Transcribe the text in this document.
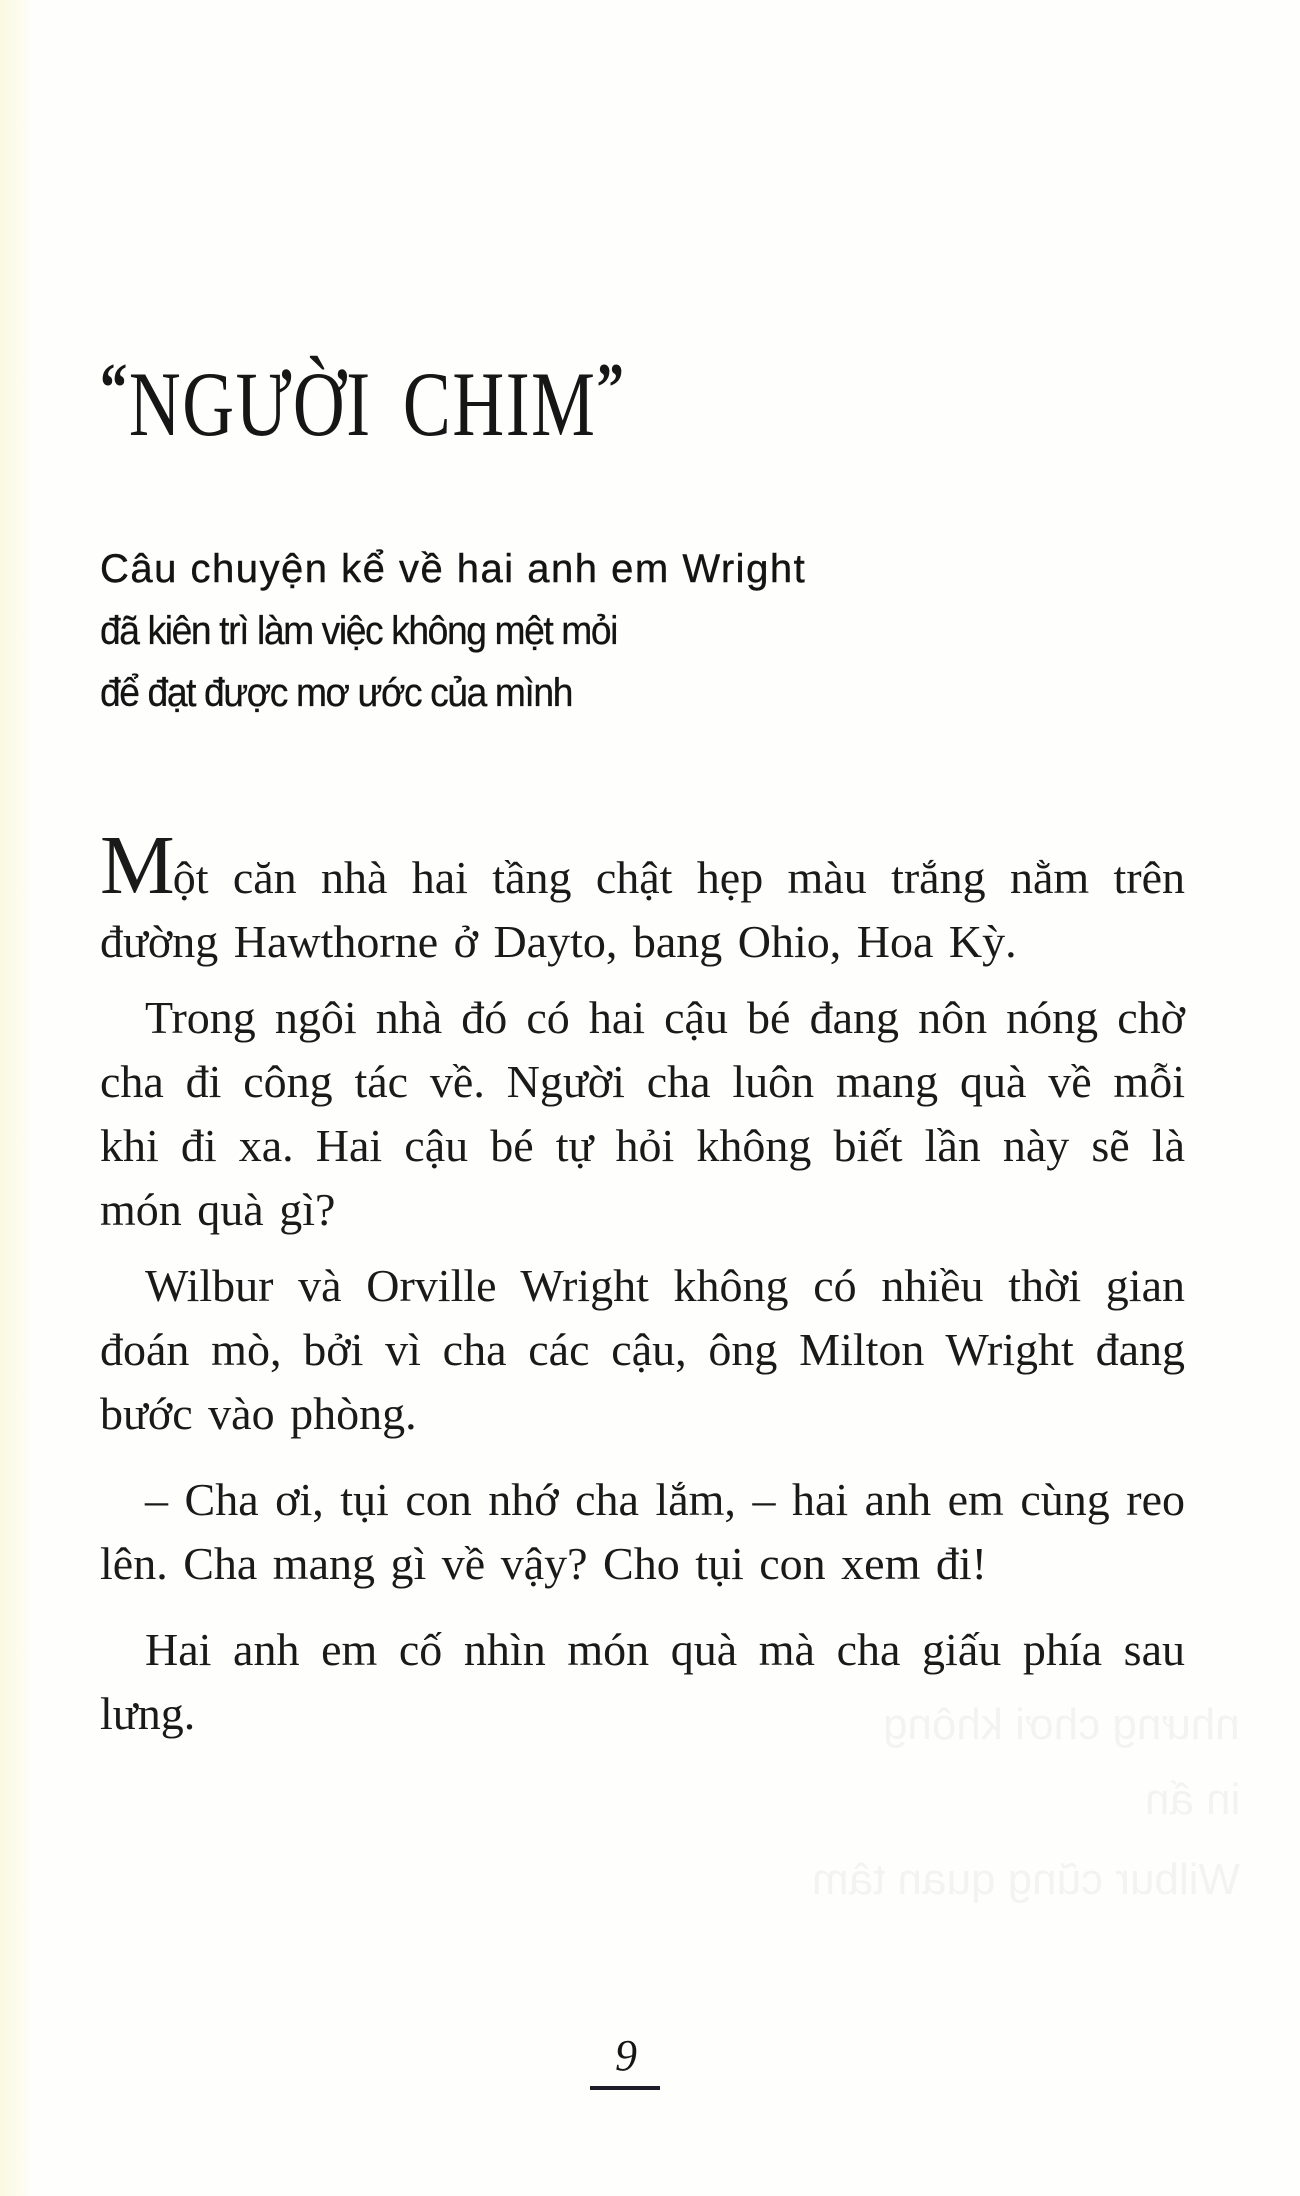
nhưng chơi không
in ấn
Wilbur cũng quan tâm
“NGƯỜI CHIM”
Câu chuyện kể về hai anh em Wright
đã kiên trì làm việc không mệt mỏi
để đạt được mơ ước của mình

Một căn nhà hai tầng chật hẹp màu trắng nằm trên đường Hawthorne ở Dayto, bang Ohio, Hoa Kỳ.

Trong ngôi nhà đó có hai cậu bé đang nôn nóng chờ cha đi công tác về. Người cha luôn mang quà về mỗi khi đi xa. Hai cậu bé tự hỏi không biết lần này sẽ là món quà gì?

Wilbur và Orville Wright không có nhiều thời gian đoán mò, bởi vì cha các cậu, ông Milton Wright đang bước vào phòng.

– Cha ơi, tụi con nhớ cha lắm, – hai anh em cùng reo lên. Cha mang gì về vậy? Cho tụi con xem đi!

Hai anh em cố nhìn món quà mà cha giấu phía sau lưng.

9
